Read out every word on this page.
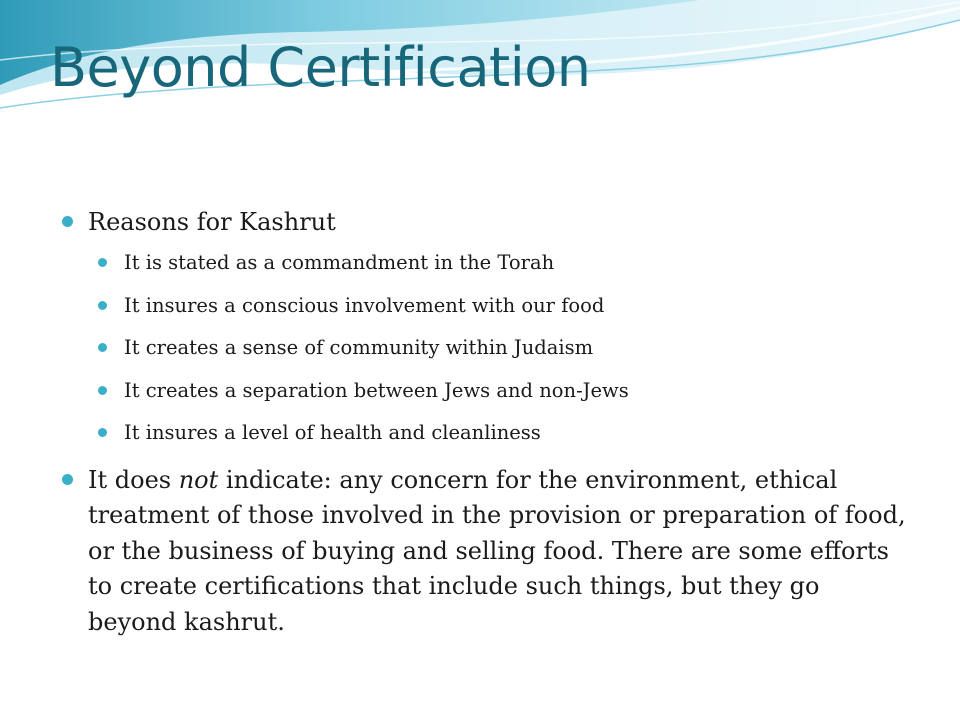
Beyond Certification
Reasons for Kashrut
It is stated as a commandment in the Torah
It insures a conscious involvement with our food
It creates a sense of community within Judaism
It creates a separation between Jews and non-Jews
It insures a level of health and cleanliness
It does not indicate: any concern for the environment, ethical treatment of those involved in the provision or preparation of food, or the business of buying and selling food. There are some efforts to create certifications that include such things, but they go beyond kashrut.
